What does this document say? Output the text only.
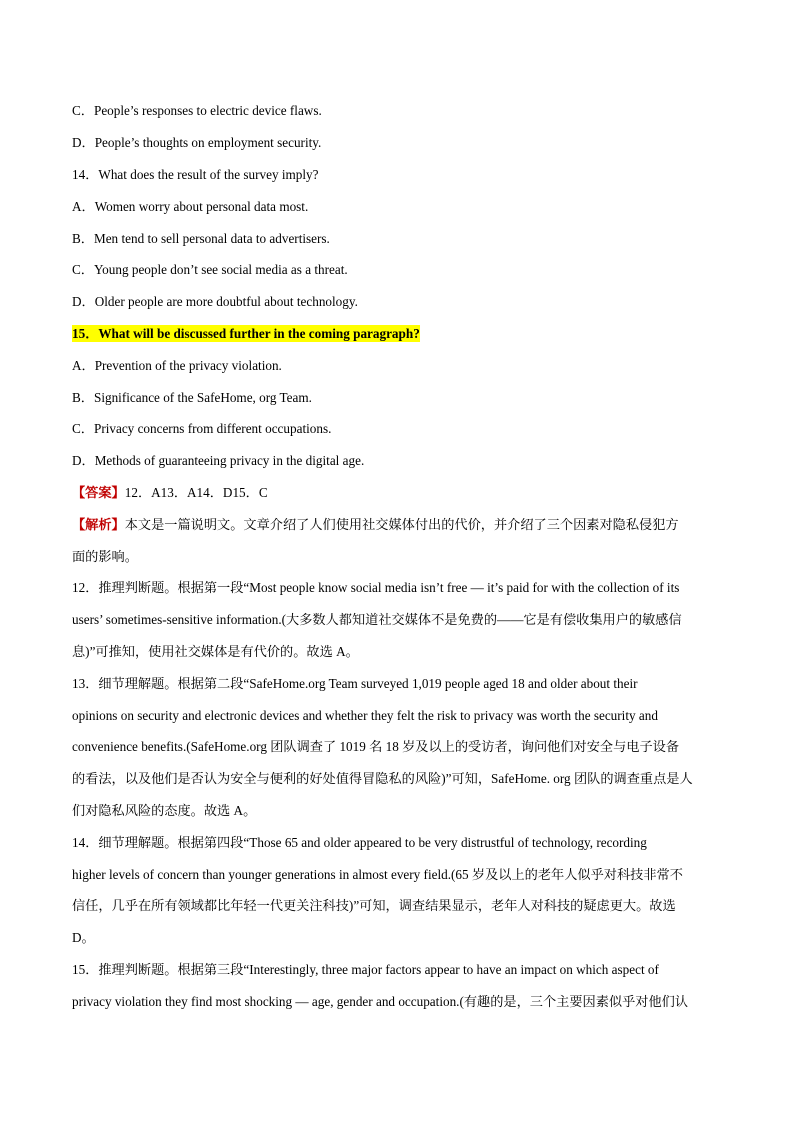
C．People’s responses to electric device flaws.
D．People’s thoughts on employment security.
14．What does the result of the survey imply?
A．Women worry about personal data most.
B．Men tend to sell personal data to advertisers.
C．Young people don’t see social media as a threat.
D．Older people are more doubtful about technology.
15．What will be discussed further in the coming paragraph?
A．Prevention of the privacy violation.
B．Significance of the SafeHome, org Team.
C．Privacy concerns from different occupations.
D．Methods of guaranteeing privacy in the digital age.
【答案】12．A13．A14．D15．C
【解析】本文是一篇说明文。文章介绍了人们使用社交媒体付出的代价，并介绍了三个因素对隐私侵犯方
面的影响。
12．推理判断题。根据第一段“Most people know social media isn’t free — it’s paid for with the collection of its
users’ sometimes-sensitive information.(大多数人都知道社交媒体不是免费的——它是有偿收集用户的敏感信
息)”可推知，使用社交媒体是有代价的。故选 A。
13．细节理解题。根据第二段“SafeHome.org Team surveyed 1,019 people aged 18 and older about their
opinions on security and electronic devices and whether they felt the risk to privacy was worth the security and
convenience benefits.(SafeHome.org 团队调查了 1019 名 18 岁及以上的受访者，询问他们对安全与电子设备
的看法，以及他们是否认为安全与便利的好处值得冒隐私的风险)”可知，SafeHome. org 团队的调查重点是人
们对隐私风险的态度。故选 A。
14．细节理解题。根据第四段“Those 65 and older appeared to be very distrustful of technology, recording
higher levels of concern than younger generations in almost every field.(65 岁及以上的老年人似乎对科技非常不
信任，几乎在所有领域都比年轻一代更关注科技)”可知，调查结果显示，老年人对科技的疑虑更大。故选
D。
15．推理判断题。根据第三段“Interestingly, three major factors appear to have an impact on which aspect of
privacy violation they find most shocking — age, gender and occupation.(有趣的是，三个主要因素似乎对他们认
